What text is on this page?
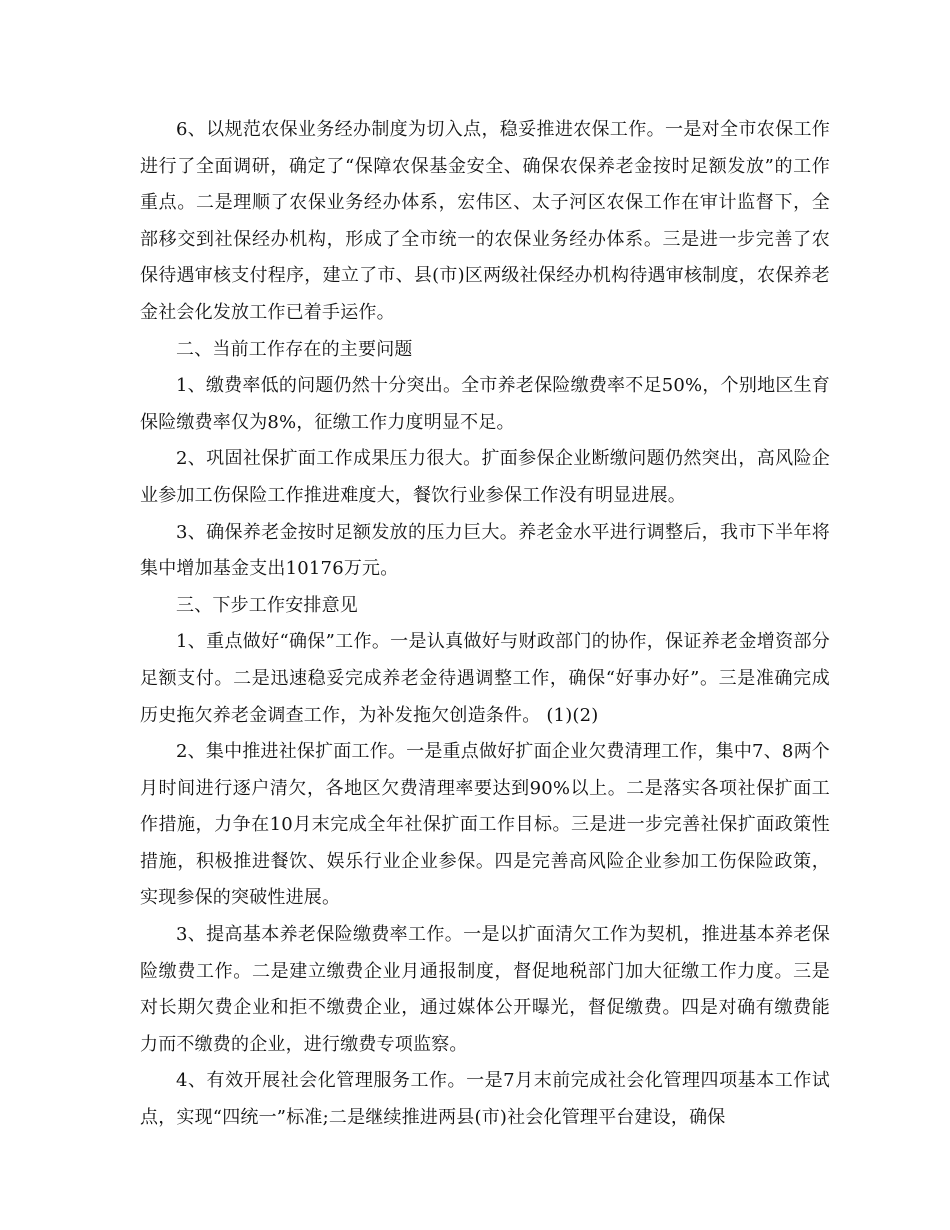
6、以规范农保业务经办制度为切入点，稳妥推进农保工作。一是对全市农保工作进行了全面调研，确定了“保障农保基金安全、确保农保养老金按时足额发放”的工作重点。二是理顺了农保业务经办体系，宏伟区、太子河区农保工作在审计监督下，全部移交到社保经办机构，形成了全市统一的农保业务经办体系。三是进一步完善了农保待遇审核支付程序，建立了市、县(市)区两级社保经办机构待遇审核制度，农保养老金社会化发放工作已着手运作。

二、当前工作存在的主要问题

1、缴费率低的问题仍然十分突出。全市养老保险缴费率不足50%，个别地区生育保险缴费率仅为8%，征缴工作力度明显不足。

2、巩固社保扩面工作成果压力很大。扩面参保企业断缴问题仍然突出，高风险企业参加工伤保险工作推进难度大，餐饮行业参保工作没有明显进展。

3、确保养老金按时足额发放的压力巨大。养老金水平进行调整后，我市下半年将集中增加基金支出10176万元。

三、下步工作安排意见

1、重点做好“确保”工作。一是认真做好与财政部门的协作，保证养老金增资部分足额支付。二是迅速稳妥完成养老金待遇调整工作，确保“好事办好”。三是准确完成历史拖欠养老金调查工作，为补发拖欠创造条件。 (1)(2)

2、集中推进社保扩面工作。一是重点做好扩面企业欠费清理工作，集中7、8两个月时间进行逐户清欠，各地区欠费清理率要达到90%以上。二是落实各项社保扩面工作措施，力争在10月末完成全年社保扩面工作目标。三是进一步完善社保扩面政策性措施，积极推进餐饮、娱乐行业企业参保。四是完善高风险企业参加工伤保险政策，实现参保的突破性进展。

3、提高基本养老保险缴费率工作。一是以扩面清欠工作为契机，推进基本养老保险缴费工作。二是建立缴费企业月通报制度，督促地税部门加大征缴工作力度。三是对长期欠费企业和拒不缴费企业，通过媒体公开曝光，督促缴费。四是对确有缴费能力而不缴费的企业，进行缴费专项监察。

4、有效开展社会化管理服务工作。一是7月末前完成社会化管理四项基本工作试点，实现“四统一”标准;二是继续推进两县(市)社会化管理平台建设，确保
